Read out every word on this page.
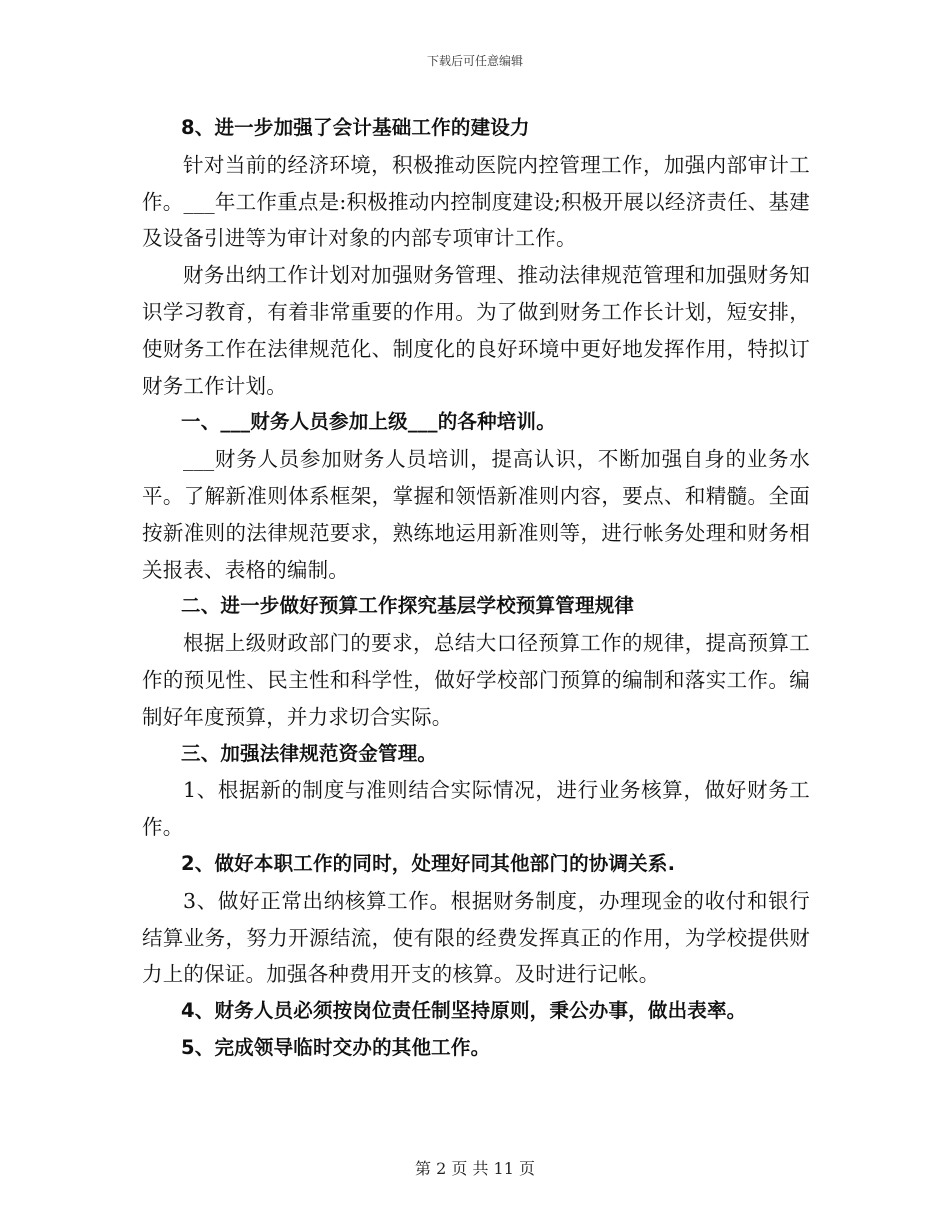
下载后可任意编辑

8、进一步加强了会计基础工作的建设力

针对当前的经济环境，积极推动医院内控管理工作，加强内部审计工作。___年工作重点是:积极推动内控制度建设;积极开展以经济责任、基建及设备引进等为审计对象的内部专项审计工作。

财务出纳工作计划对加强财务管理、推动法律规范管理和加强财务知识学习教育，有着非常重要的作用。为了做到财务工作长计划，短安排，使财务工作在法律规范化、制度化的良好环境中更好地发挥作用，特拟订财务工作计划。

一、___财务人员参加上级___的各种培训。

___财务人员参加财务人员培训，提高认识，不断加强自身的业务水平。了解新准则体系框架，掌握和领悟新准则内容，要点、和精髓。全面按新准则的法律规范要求，熟练地运用新准则等，进行帐务处理和财务相关报表、表格的编制。

二、进一步做好预算工作探究基层学校预算管理规律

根据上级财政部门的要求，总结大口径预算工作的规律，提高预算工作的预见性、民主性和科学性，做好学校部门预算的编制和落实工作。编制好年度预算，并力求切合实际。

三、加强法律规范资金管理。

1、根据新的制度与准则结合实际情况，进行业务核算，做好财务工作。

2、做好本职工作的同时，处理好同其他部门的协调关系.

3、做好正常出纳核算工作。根据财务制度，办理现金的收付和银行结算业务，努力开源结流，使有限的经费发挥真正的作用，为学校提供财力上的保证。加强各种费用开支的核算。及时进行记帐。

4、财务人员必须按岗位责任制坚持原则，秉公办事，做出表率。

5、完成领导临时交办的其他工作。

第 2 页 共 11 页
